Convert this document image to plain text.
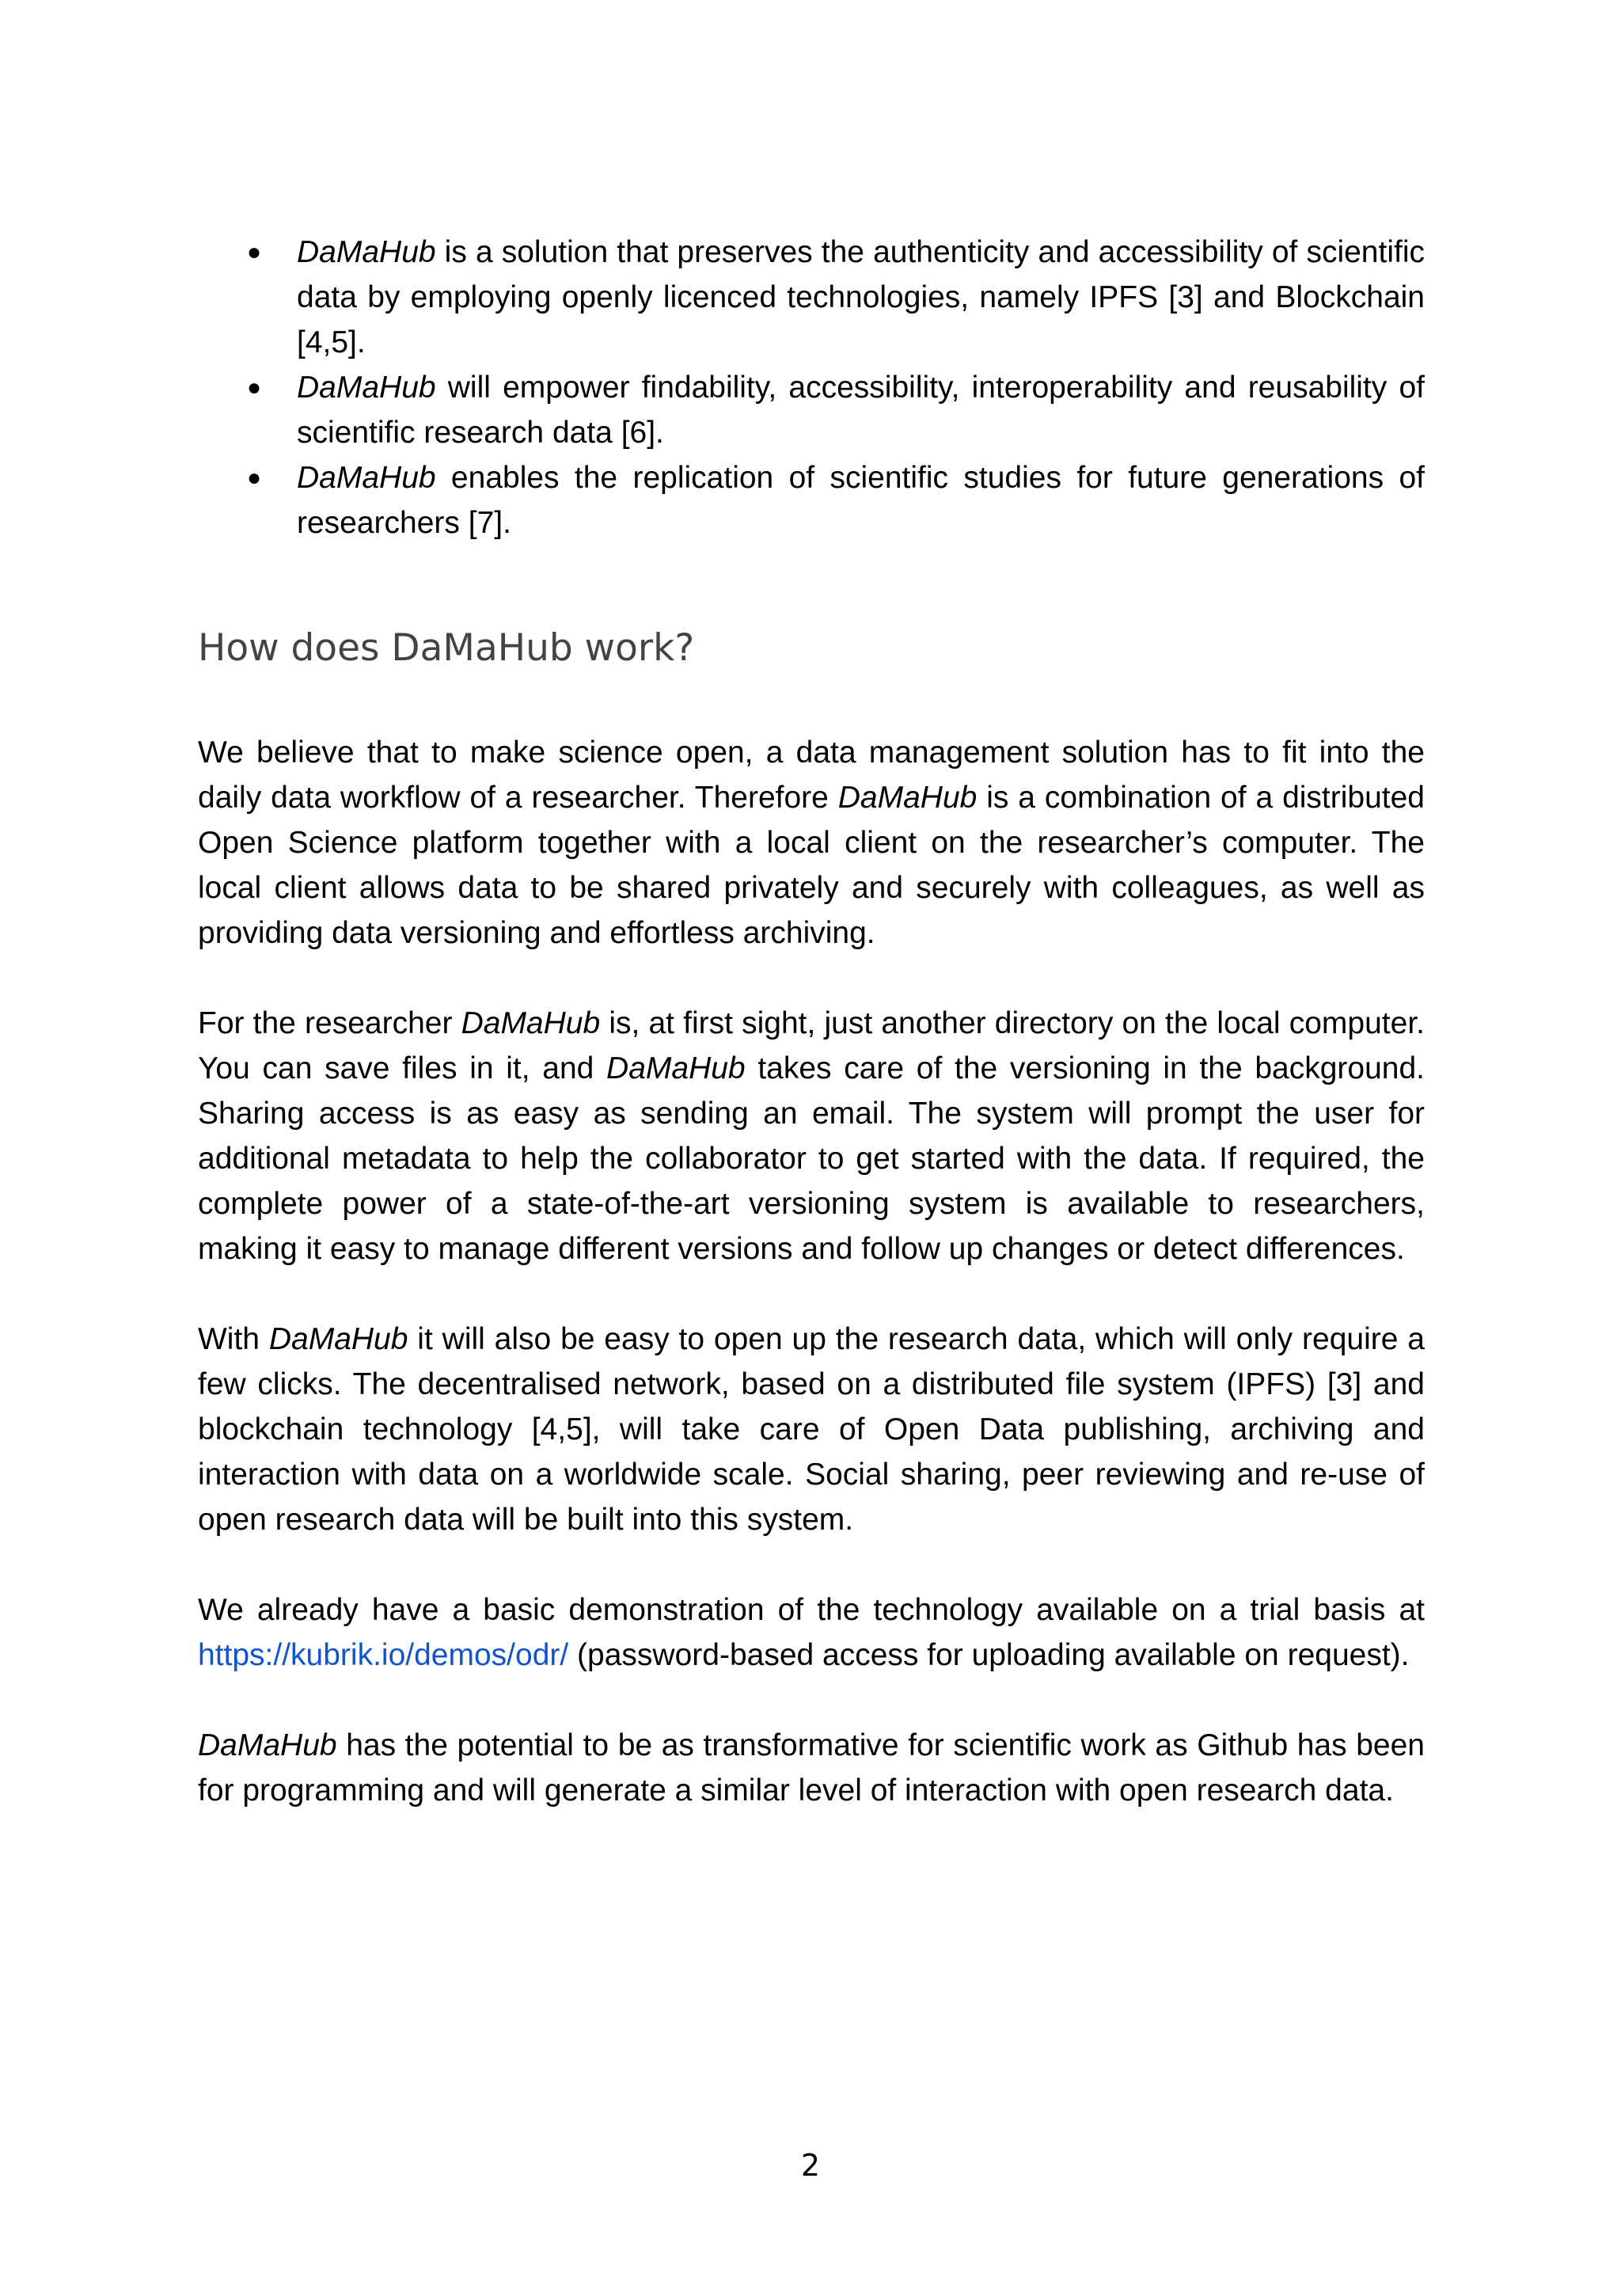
● DaMaHub is a solution that preserves the authenticity and accessibility of scientific data by employing openly licenced technologies, namely IPFS [3] and Blockchain [4,5].
● DaMaHub will empower findability, accessibility, interoperability and reusability of scientific research data [6].
● DaMaHub enables the replication of scientific studies for future generations of researchers [7].
How does DaMaHub work?

We believe that to make science open, a data management solution has to fit into the daily data workflow of a researcher. Therefore DaMaHub is a combination of a distributed Open Science platform together with a local client on the researcher’s computer. The local client allows data to be shared privately and securely with colleagues, as well as providing data versioning and effortless archiving.

For the researcher DaMaHub is, at first sight, just another directory on the local computer. You can save files in it, and DaMaHub takes care of the versioning in the background. Sharing access is as easy as sending an email. The system will prompt the user for additional metadata to help the collaborator to get started with the data. If required, the complete power of a state-of-the-art versioning system is available to researchers, making it easy to manage different versions and follow up changes or detect differences.

With DaMaHub it will also be easy to open up the research data, which will only require a few clicks. The decentralised network, based on a distributed file system (IPFS) [3] and blockchain technology [4,5], will take care of Open Data publishing, archiving and interaction with data on a worldwide scale. Social sharing, peer reviewing and re-use of open research data will be built into this system.

We already have a basic demonstration of the technology available on a trial basis at https://kubrik.io/demos/odr/ (password-based access for uploading available on request).

DaMaHub has the potential to be as transformative for scientific work as Github has been for programming and will generate a similar level of interaction with open research data.

2
